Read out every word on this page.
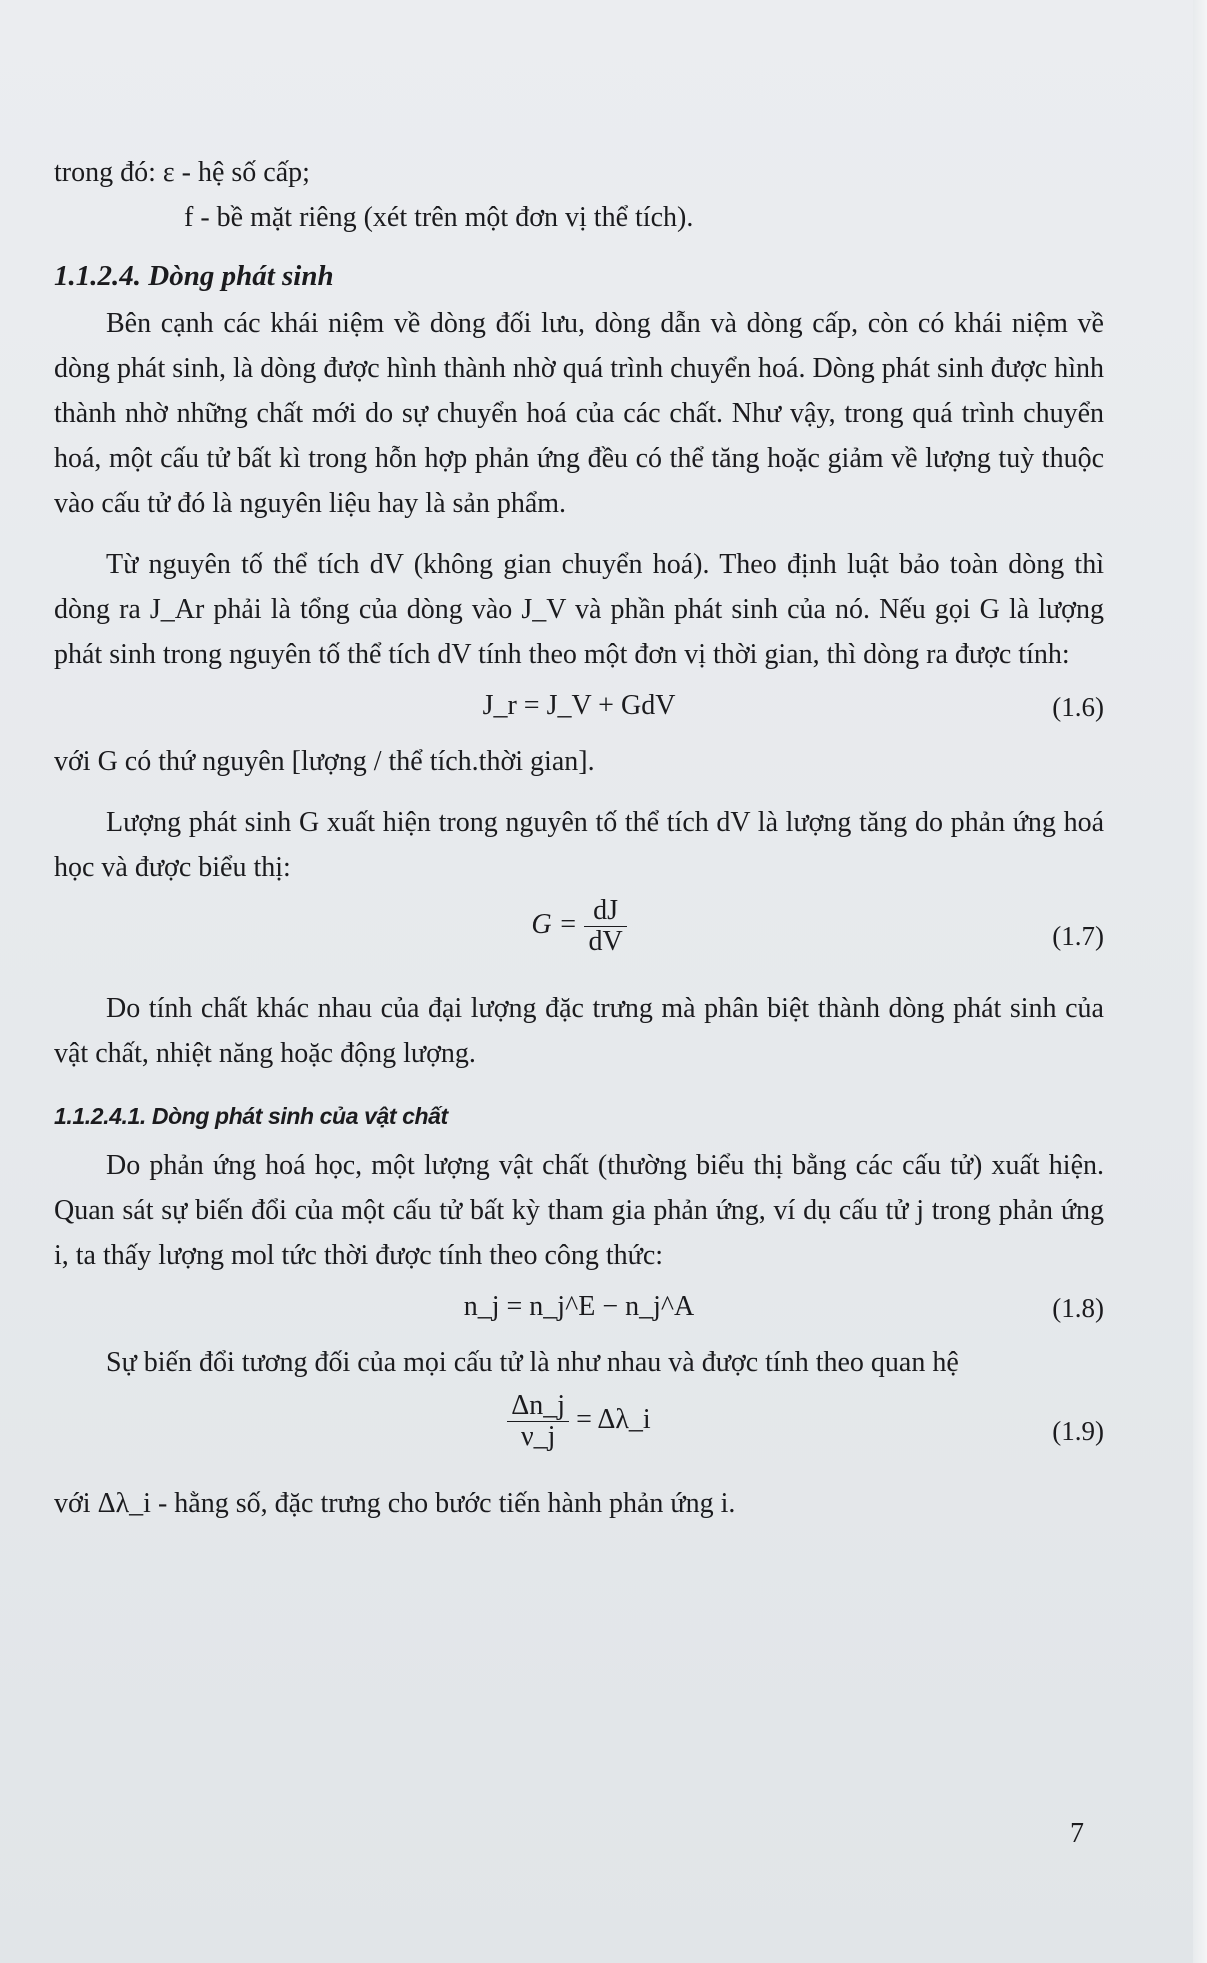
trong đó: ε - hệ số cấp;

f - bề mặt riêng (xét trên một đơn vị thể tích).

1.1.2.4. Dòng phát sinh

Bên cạnh các khái niệm về dòng đối lưu, dòng dẫn và dòng cấp, còn có khái niệm về dòng phát sinh, là dòng được hình thành nhờ quá trình chuyển hoá. Dòng phát sinh được hình thành nhờ những chất mới do sự chuyển hoá của các chất. Như vậy, trong quá trình chuyển hoá, một cấu tử bất kì trong hỗn hợp phản ứng đều có thể tăng hoặc giảm về lượng tuỳ thuộc vào cấu tử đó là nguyên liệu hay là sản phẩm.

Từ nguyên tố thể tích dV (không gian chuyển hoá). Theo định luật bảo toàn dòng thì dòng ra J_Ar phải là tổng của dòng vào J_V và phần phát sinh của nó. Nếu gọi G là lượng phát sinh trong nguyên tố thể tích dV tính theo một đơn vị thời gian, thì dòng ra được tính:

J_r = J_V + GdV	(1.6)

với G có thứ nguyên [lượng / thể tích.thời gian].

Lượng phát sinh G xuất hiện trong nguyên tố thể tích dV là lượng tăng do phản ứng hoá học và được biểu thị:

$G = \frac{dJ}{dV}$	(1.7)

Do tính chất khác nhau của đại lượng đặc trưng mà phân biệt thành dòng phát sinh của vật chất, nhiệt năng hoặc động lượng.

1.1.2.4.1. Dòng phát sinh của vật chất

Do phản ứng hoá học, một lượng vật chất (thường biểu thị bằng các cấu tử) xuất hiện. Quan sát sự biến đổi của một cấu tử bất kỳ tham gia phản ứng, ví dụ cấu tử j trong phản ứng i, ta thấy lượng mol tức thời được tính theo công thức:

n_j = n_j^E − n_j^A	(1.8)

Sự biến đổi tương đối của mọi cấu tử là như nhau và được tính theo quan hệ

$\frac{\Delta n\_j}{\nu\_j}$ = Δλ_i	(1.9)

với Δλ_i - hằng số, đặc trưng cho bước tiến hành phản ứng i.

7
